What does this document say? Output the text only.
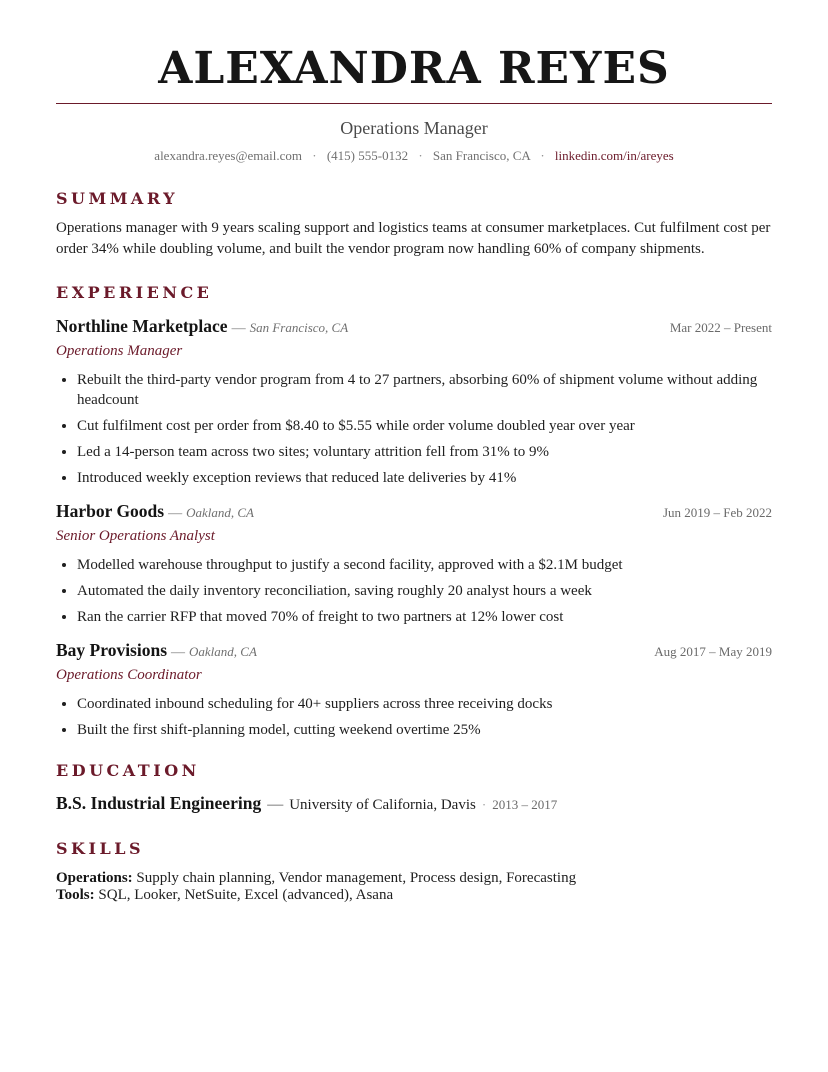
ALEXANDRA REYES
Operations Manager
alexandra.reyes@email.com · (415) 555-0132 · San Francisco, CA · linkedin.com/in/areyes
SUMMARY
Operations manager with 9 years scaling support and logistics teams at consumer marketplaces. Cut fulfilment cost per order 34% while doubling volume, and built the vendor program now handling 60% of company shipments.
EXPERIENCE
Northline Marketplace — San Francisco, CA	Mar 2022 – Present
Operations Manager
• Rebuilt the third-party vendor program from 4 to 27 partners, absorbing 60% of shipment volume without adding headcount
• Cut fulfilment cost per order from $8.40 to $5.55 while order volume doubled year over year
• Led a 14-person team across two sites; voluntary attrition fell from 31% to 9%
• Introduced weekly exception reviews that reduced late deliveries by 41%
Harbor Goods — Oakland, CA	Jun 2019 – Feb 2022
Senior Operations Analyst
• Modelled warehouse throughput to justify a second facility, approved with a $2.1M budget
• Automated the daily inventory reconciliation, saving roughly 20 analyst hours a week
• Ran the carrier RFP that moved 70% of freight to two partners at 12% lower cost
Bay Provisions — Oakland, CA	Aug 2017 – May 2019
Operations Coordinator
• Coordinated inbound scheduling for 40+ suppliers across three receiving docks
• Built the first shift-planning model, cutting weekend overtime 25%
EDUCATION
B.S. Industrial Engineering — University of California, Davis · 2013 – 2017
SKILLS
Operations: Supply chain planning, Vendor management, Process design, Forecasting
Tools: SQL, Looker, NetSuite, Excel (advanced), Asana
